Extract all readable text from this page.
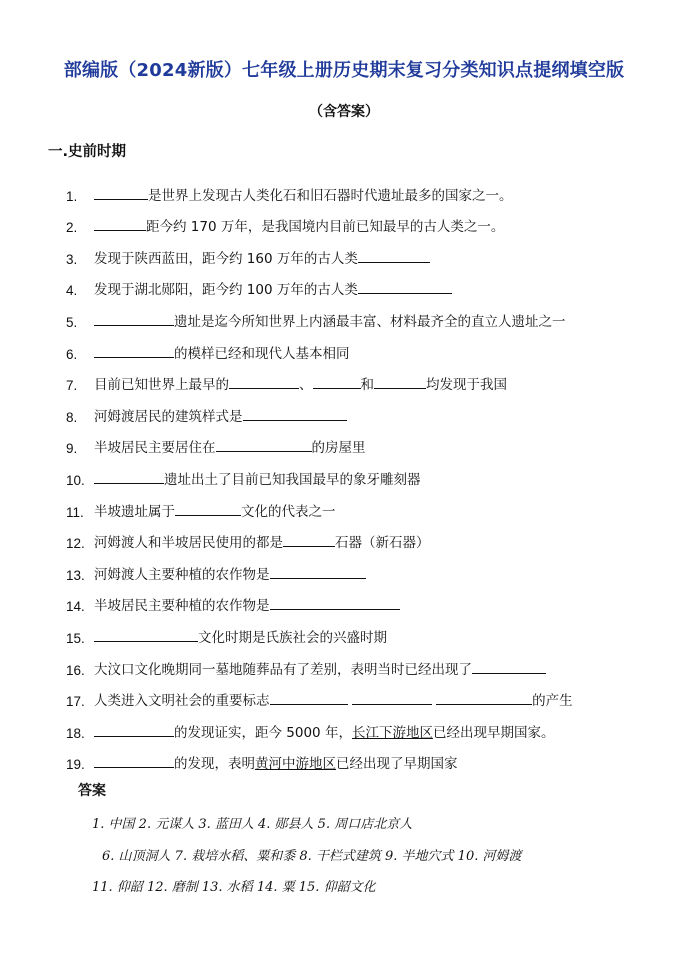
部编版（2024新版）七年级上册历史期末复习分类知识点提纲填空版
（含答案）
一.史前时期
1.	是世界上发现古人类化石和旧石器时代遗址最多的国家之一。
2.	距今约 170 万年，是我国境内目前已知最早的古人类之一。
3.	发现于陕西蓝田，距今约 160 万年的古人类
4.	发现于湖北郧阳，距今约 100 万年的古人类
5.	遗址是迄今所知世界上内涵最丰富、材料最齐全的直立人遗址之一
6.	的模样已经和现代人基本相同
7.	目前已知世界上最早的	、	和	均发现于我国
8.	河姆渡居民的建筑样式是
9.	半坡居民主要居住在	的房屋里
10.	遗址出土了目前已知我国最早的象牙雕刻器
11. 半坡遗址属于	文化的代表之一
12. 河姆渡人和半坡居民使用的都是	石器（新石器）
13. 河姆渡人主要种植的农作物是
14. 半坡居民主要种植的农作物是
15.	文化时期是氏族社会的兴盛时期
16. 大汶口文化晚期同一墓地随葬品有了差别，表明当时已经出现了
17. 人类进入文明社会的重要标志	的产生
18.	的发现证实，距今 5000 年，长江下游地区已经出现早期国家。
19.	的发现，表明黄河中游地区已经出现了早期国家
答案
1. 中国 2. 元谋人 3. 蓝田人 4. 郧县人 5. 周口店北京人
6. 山顶洞人 7. 栽培水稻、粟和黍 8. 干栏式建筑 9. 半地穴式 10. 河姆渡
11. 仰韶 12. 磨制 13. 水稻 14. 粟 15. 仰韶文化
